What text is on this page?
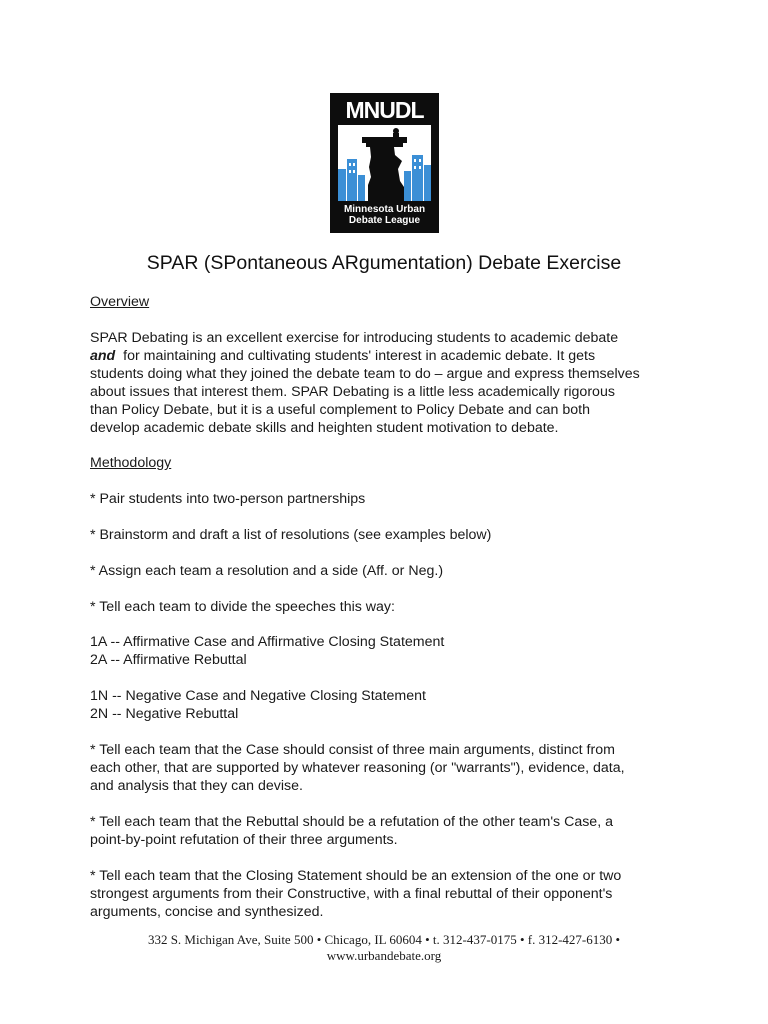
MNUDL
Minnesota Urban
Debate League
SPAR (SPontaneous ARgumentation) Debate Exercise
Overview
SPAR Debating is an excellent exercise for introducing students to academic debate
and for maintaining and cultivating students' interest in academic debate. It gets
students doing what they joined the debate team to do – argue and express themselves
about issues that interest them. SPAR Debating is a little less academically rigorous
than Policy Debate, but it is a useful complement to Policy Debate and can both
develop academic debate skills and heighten student motivation to debate.
Methodology
* Pair students into two-person partnerships
* Brainstorm and draft a list of resolutions (see examples below)
* Assign each team a resolution and a side (Aff. or Neg.)
* Tell each team to divide the speeches this way:
1A -- Affirmative Case and Affirmative Closing Statement
2A -- Affirmative Rebuttal
1N -- Negative Case and Negative Closing Statement
2N -- Negative Rebuttal
* Tell each team that the Case should consist of three main arguments, distinct from
each other, that are supported by whatever reasoning (or "warrants"), evidence, data,
and analysis that they can devise.
* Tell each team that the Rebuttal should be a refutation of the other team's Case, a
point-by-point refutation of their three arguments.
* Tell each team that the Closing Statement should be an extension of the one or two
strongest arguments from their Constructive, with a final rebuttal of their opponent's
arguments, concise and synthesized.
332 S. Michigan Ave, Suite 500 • Chicago, IL 60604 • t. 312-437-0175 • f. 312-427-6130 •
www.urbandebate.org
